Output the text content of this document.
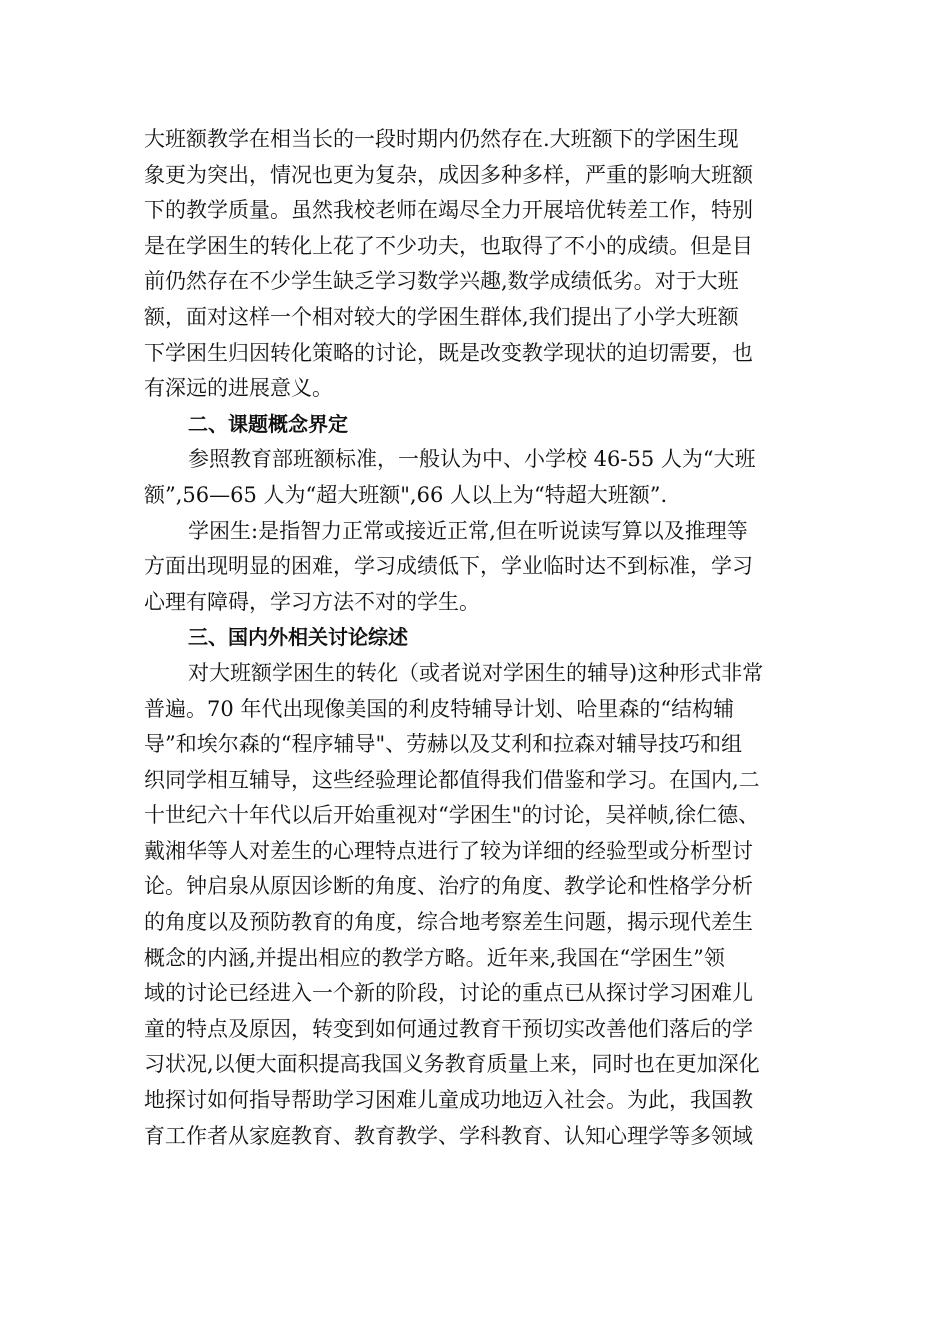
大班额教学在相当长的一段时期内仍然存在.大班额下的学困生现
象更为突出，情况也更为复杂，成因多种多样，严重的影响大班额
下的教学质量。虽然我校老师在竭尽全力开展培优转差工作，特别
是在学困生的转化上花了不少功夫，也取得了不小的成绩。但是目
前仍然存在不少学生缺乏学习数学兴趣,数学成绩低劣。对于大班
额，面对这样一个相对较大的学困生群体,我们提出了小学大班额
下学困生归因转化策略的讨论，既是改变教学现状的迫切需要，也
有深远的进展意义。
二、课题概念界定
参照教育部班额标准，一般认为中、小学校 46-55 人为“大班
额”,56—65 人为“超大班额",66 人以上为“特超大班额”.
学困生:是指智力正常或接近正常,但在听说读写算以及推理等
方面出现明显的困难，学习成绩低下，学业临时达不到标准，学习
心理有障碍，学习方法不对的学生。
三、国内外相关讨论综述
对大班额学困生的转化（或者说对学困生的辅导)这种形式非常
普遍。70 年代出现像美国的利皮特辅导计划、哈里森的“结构辅
导”和埃尔森的“程序辅导"、劳赫以及艾利和拉森对辅导技巧和组
织同学相互辅导，这些经验理论都值得我们借鉴和学习。在国内,二
十世纪六十年代以后开始重视对“学困生"的讨论，吴祥帧,徐仁德、
戴湘华等人对差生的心理特点进行了较为详细的经验型或分析型讨
论。钟启泉从原因诊断的角度、治疗的角度、教学论和性格学分析
的角度以及预防教育的角度，综合地考察差生问题，揭示现代差生
概念的内涵,并提出相应的教学方略。近年来,我国在“学困生”领
域的讨论已经进入一个新的阶段，讨论的重点已从探讨学习困难儿
童的特点及原因，转变到如何通过教育干预切实改善他们落后的学
习状况,以便大面积提高我国义务教育质量上来，同时也在更加深化
地探讨如何指导帮助学习困难儿童成功地迈入社会。为此，我国教
育工作者从家庭教育、教育教学、学科教育、认知心理学等多领域
